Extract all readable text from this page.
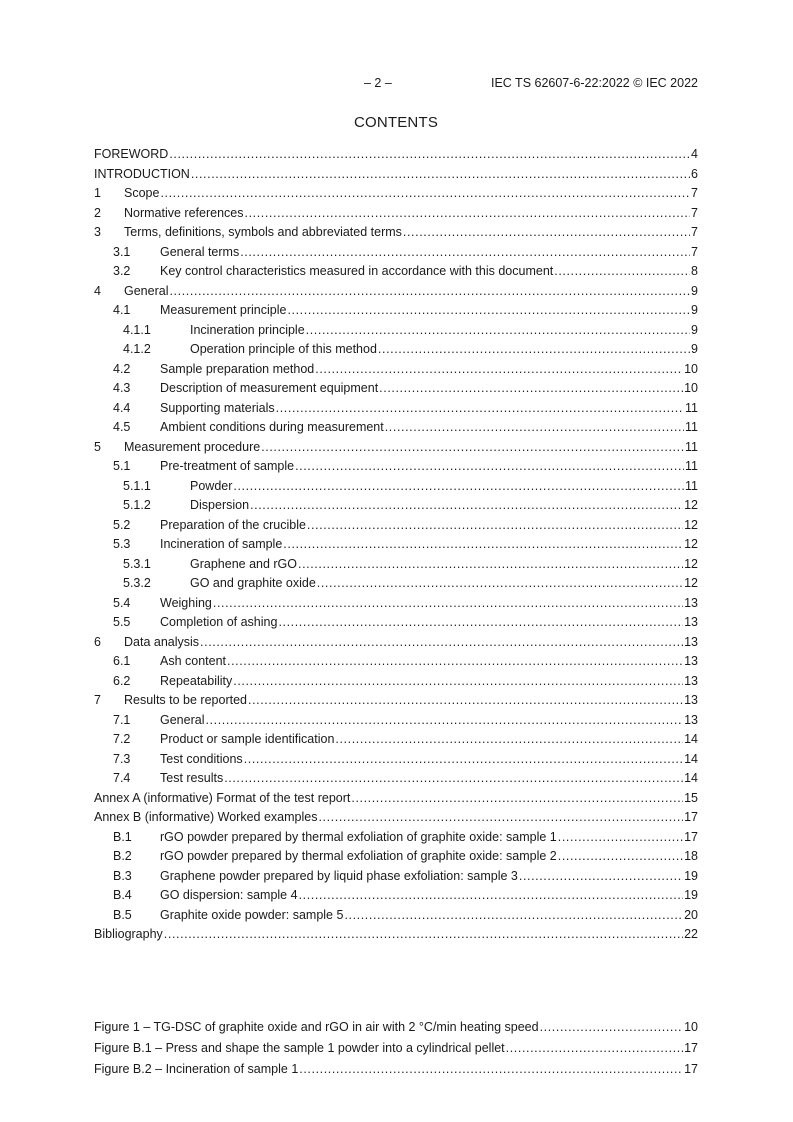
– 2 –	IEC TS 62607-6-22:2022 © IEC 2022
CONTENTS
FOREWORD .....	4
INTRODUCTION .....	6
1 Scope .....	7
2 Normative references .....	7
3 Terms, definitions, symbols and abbreviated terms .....	7
3.1 General terms .....	7
3.2 Key control characteristics measured in accordance with this document .....	8
4 General .....	9
4.1 Measurement principle .....	9
4.1.1	Incineration principle .....	9
4.1.2	Operation principle of this method .....	9
4.2 Sample preparation method .....	10
4.3 Description of measurement equipment .....	10
4.4 Supporting materials .....	11
4.5 Ambient conditions during measurement .....	11
5 Measurement procedure .....	11
5.1 Pre-treatment of sample .....	11
5.1.1	Powder .....	11
5.1.2	Dispersion .....	12
5.2 Preparation of the crucible .....	12
5.3 Incineration of sample .....	12
5.3.1	Graphene and rGO .....	12
5.3.2	GO and graphite oxide .....	12
5.4 Weighing .....	13
5.5 Completion of ashing .....	13
6 Data analysis .....	13
6.1 Ash content .....	13
6.2 Repeatability .....	13
7 Results to be reported .....	13
7.1 General .....	13
7.2 Product or sample identification .....	14
7.3 Test conditions .....	14
7.4 Test results .....	14
Annex A (informative) Format of the test report .....	15
Annex B (informative) Worked examples .....	17
B.1 rGO powder prepared by thermal exfoliation of graphite oxide: sample 1 .....	17
B.2 rGO powder prepared by thermal exfoliation of graphite oxide: sample 2 .....	18
B.3 Graphene powder prepared by liquid phase exfoliation: sample 3 .....	19
B.4 GO dispersion: sample 4 .....	19
B.5 Graphite oxide powder: sample 5 .....	20
Bibliography .....	22
Figure 1 – TG-DSC of graphite oxide and rGO in air with 2 °C/min heating speed .....	10
Figure B.1 – Press and shape the sample 1 powder into a cylindrical pellet .....	17
Figure B.2 – Incineration of sample 1 .....	17
